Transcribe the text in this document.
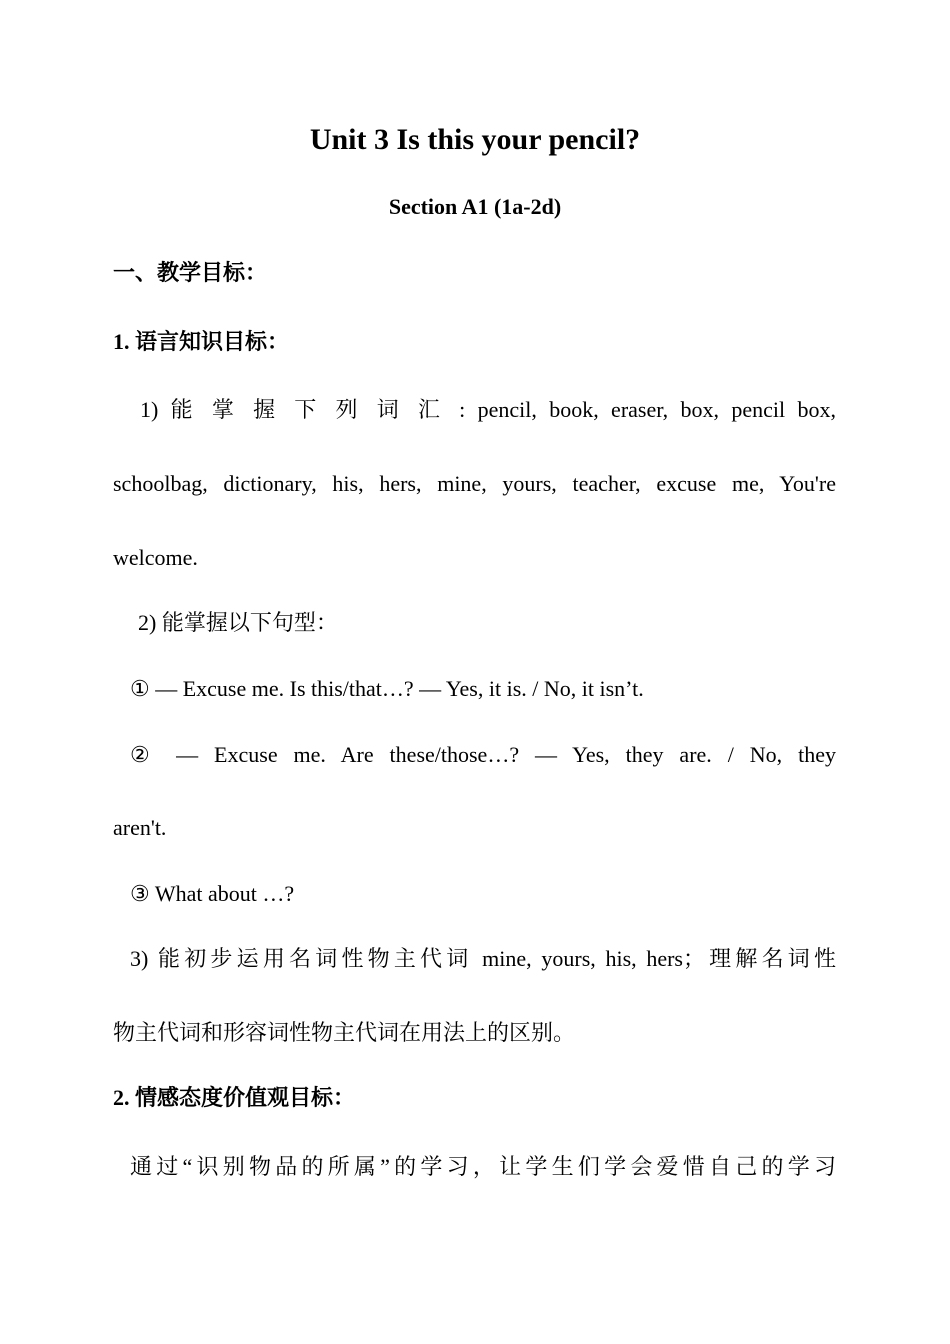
Unit 3 Is this your pencil?
Section A1 (1a-2d)
一、教学目标：
1. 语言知识目标：
1) 能 掌 握 下 列 词 汇 : pencil, book, eraser, box, pencil box,
schoolbag, dictionary, his, hers, mine, yours, teacher, excuse me, You're
welcome.
2) 能掌握以下句型：
① — Excuse me. Is this/that…? — Yes, it is. / No, it isn’t.
② — Excuse me. Are these/those…? — Yes, they are. / No, they
aren't.
③ What about …?
3) 能初步运用名词性物主代词 mine, yours, his, hers；理解名词性
物主代词和形容词性物主代词在用法上的区别。
2. 情感态度价值观目标：
通过“识别物品的所属”的学习，让学生们学会爱惜自己的学习
